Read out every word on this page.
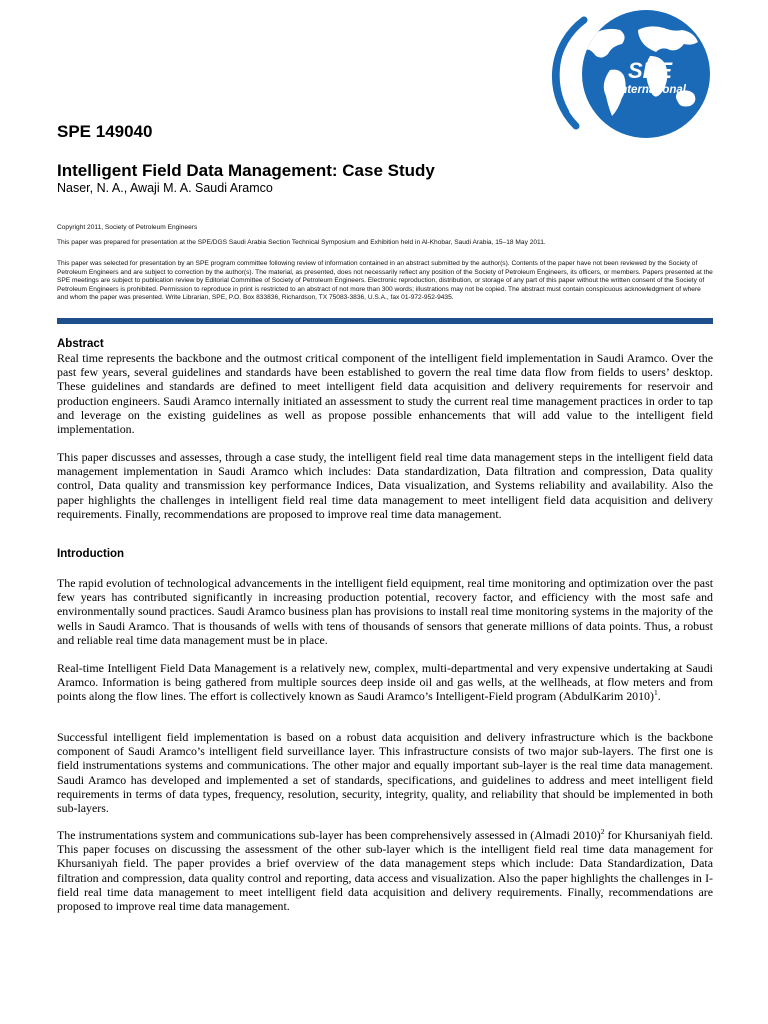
SPE
International
SPE 149040
Intelligent Field Data Management: Case Study
Naser, N. A., Awaji M. A. Saudi Aramco

Copyright 2011, Society of Petroleum Engineers

This paper was prepared for presentation at the SPE/DGS Saudi Arabia Section Technical Symposium and Exhibition held in Al-Khobar, Saudi Arabia, 15–18 May 2011.

This paper was selected for presentation by an SPE program committee following review of information contained in an abstract submitted by the author(s). Contents of the paper have not been reviewed by the Society of Petroleum Engineers and are subject to correction by the author(s). The material, as presented, does not necessarily reflect any position of the Society of Petroleum Engineers, its officers, or members. Papers presented at the SPE meetings are subject to publication review by Editorial Committee of Society of Petroleum Engineers. Electronic reproduction, distribution, or storage of any part of this paper without the written consent of the Society of Petroleum Engineers is prohibited. Permission to reproduce in print is restricted to an abstract of not more than 300 words; illustrations may not be copied. The abstract must contain conspicuous acknowledgment of where and whom the paper was presented. Write Librarian, SPE, P.O. Box 833836, Richardson, TX 75083-3836, U.S.A., fax 01-972-952-9435.

Abstract

Real time represents the backbone and the outmost critical component of the intelligent field implementation in Saudi Aramco. Over the past few years, several guidelines and standards have been established to govern the real time data flow from fields to users’ desktop. These guidelines and standards are defined to meet intelligent field data acquisition and delivery requirements for reservoir and production engineers. Saudi Aramco internally initiated an assessment to study the current real time management practices in order to tap and leverage on the existing guidelines as well as propose possible enhancements that will add value to the intelligent field implementation.

This paper discusses and assesses, through a case study, the intelligent field real time data management steps in the intelligent field data management implementation in Saudi Aramco which includes: Data standardization, Data filtration and compression, Data quality control, Data quality and transmission key performance Indices, Data visualization, and Systems reliability and availability. Also the paper highlights the challenges in intelligent field real time data management to meet intelligent field data acquisition and delivery requirements. Finally, recommendations are proposed to improve real time data management.

Introduction

The rapid evolution of technological advancements in the intelligent field equipment, real time monitoring and optimization over the past few years has contributed significantly in increasing production potential, recovery factor, and efficiency with the most safe and environmentally sound practices. Saudi Aramco business plan has provisions to install real time monitoring systems in the majority of the wells in Saudi Aramco. That is thousands of wells with tens of thousands of sensors that generate millions of data points. Thus, a robust and reliable real time data management must be in place.

Real-time Intelligent Field Data Management is a relatively new, complex, multi-departmental and very expensive undertaking at Saudi Aramco. Information is being gathered from multiple sources deep inside oil and gas wells, at the wellheads, at flow meters and from points along the flow lines. The effort is collectively known as Saudi Aramco’s Intelligent-Field program (AbdulKarim 2010)$^1$.

Successful intelligent field implementation is based on a robust data acquisition and delivery infrastructure which is the backbone component of Saudi Aramco’s intelligent field surveillance layer. This infrastructure consists of two major sub-layers. The first one is field instrumentations systems and communications. The other major and equally important sub-layer is the real time data management. Saudi Aramco has developed and implemented a set of standards, specifications, and guidelines to address and meet intelligent field requirements in terms of data types, frequency, resolution, security, integrity, quality, and reliability that should be implemented in both sub-layers.

The instrumentations system and communications sub-layer has been comprehensively assessed in (Almadi 2010)$^2$ for Khursaniyah field. This paper focuses on discussing the assessment of the other sub-layer which is the intelligent field real time data management for Khursaniyah field. The paper provides a brief overview of the data management steps which include: Data Standardization, Data filtration and compression, data quality control and reporting, data access and visualization. Also the paper highlights the challenges in I-field real time data management to meet intelligent field data acquisition and delivery requirements. Finally, recommendations are proposed to improve real time data management.
